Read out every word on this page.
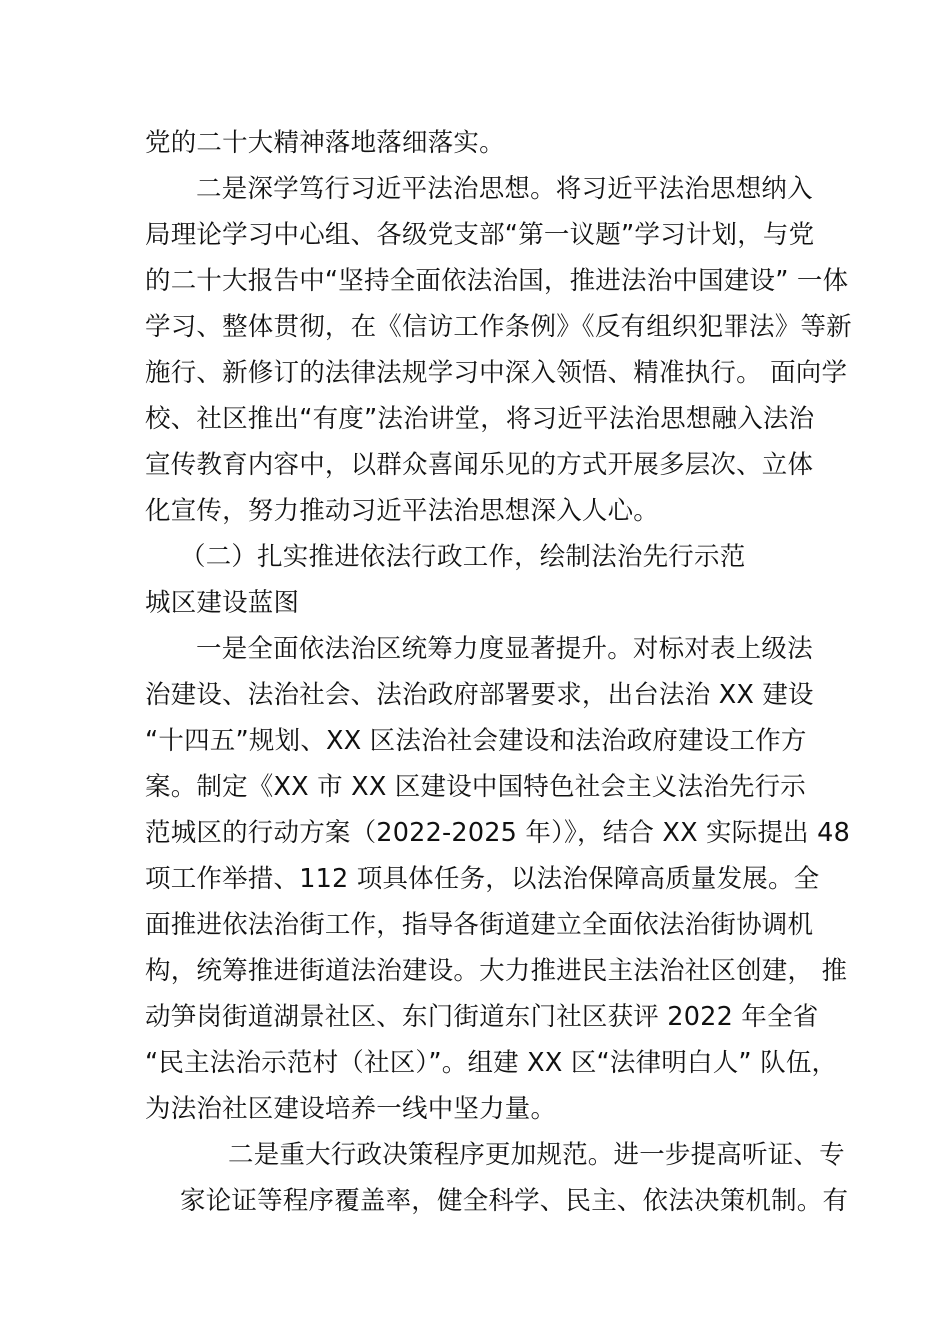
党的二十大精神落地落细落实。
二是深学笃行习近平法治思想。将习近平法治思想纳入
局理论学习中心组、各级党支部“第一议题”学习计划，与党
的二十大报告中“坚持全面依法治国，推进法治中国建设” 一体
学习、整体贯彻，在《信访工作条例》《反有组织犯罪法》等新
施行、新修订的法律法规学习中深入领悟、精准执行。 面向学
校、社区推出“有度”法治讲堂，将习近平法治思想融入法治
宣传教育内容中，以群众喜闻乐见的方式开展多层次、立体
化宣传，努力推动习近平法治思想深入人心。
（二）扎实推进依法行政工作，绘制法治先行示范
城区建设蓝图
一是全面依法治区统筹力度显著提升。对标对表上级法
治建设、法治社会、法治政府部署要求，出台法治 XX 建设
“十四五”规划、XX 区法治社会建设和法治政府建设工作方
案。制定《XX 市 XX 区建设中国特色社会主义法治先行示
范城区的行动方案（2022-2025 年）》，结合 XX 实际提出 48
项工作举措、112 项具体任务，以法治保障高质量发展。全
面推进依法治街工作，指导各街道建立全面依法治街协调机
构，统筹推进街道法治建设。大力推进民主法治社区创建， 推
动笋岗街道湖景社区、东门街道东门社区获评 2022 年全省
“民主法治示范村（社区）”。组建 XX 区“法律明白人” 队伍，
为法治社区建设培养一线中坚力量。
二是重大行政决策程序更加规范。进一步提高听证、专
家论证等程序覆盖率，健全科学、民主、依法决策机制。有
